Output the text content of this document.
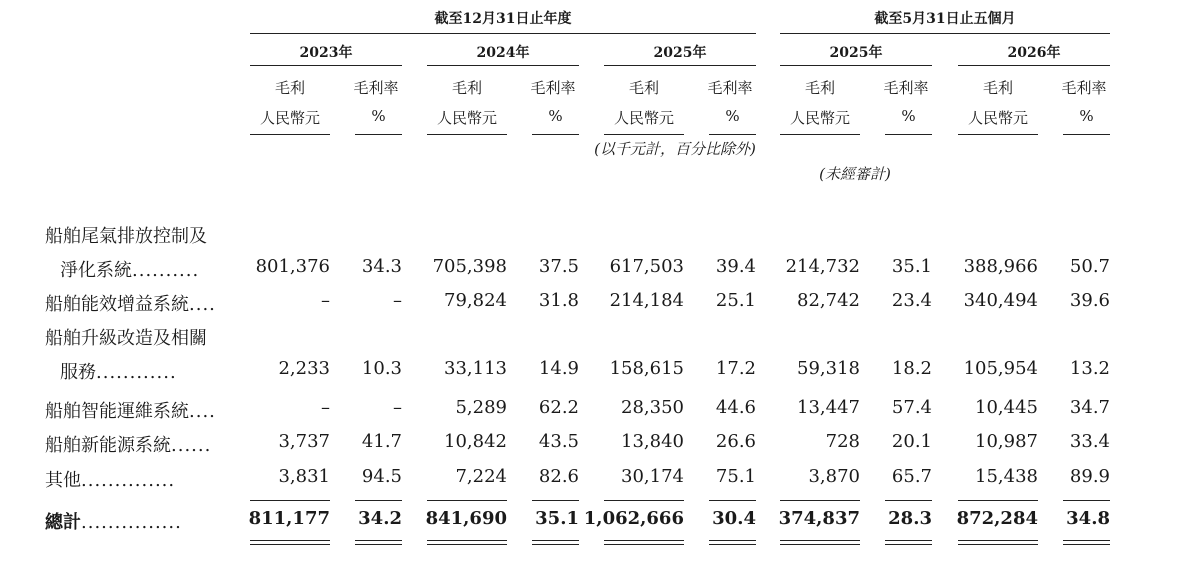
截至12月31日止年度	截至5月31日止五個月
2023年	2024年	2025年	2025年	2026年
毛利	毛利率	毛利	毛利率	毛利	毛利率	毛利	毛利率	毛利	毛利率
人民幣元	%	人民幣元	%	人民幣元	%	人民幣元	%	人民幣元	%
(以千元計，百分比除外)
(未經審計)
船舶尾氣排放控制及
淨化系統..........	801,376	34.3	705,398	37.5	617,503	39.4	214,732	35.1	388,966	50.7
船舶能效增益系統....	–	–	79,824	31.8	214,184	25.1	82,742	23.4	340,494	39.6
船舶升級改造及相關
服務............	2,233	10.3	33,113	14.9	158,615	17.2	59,318	18.2	105,954	13.2
船舶智能運維系統....	–	–	5,289	62.2	28,350	44.6	13,447	57.4	10,445	34.7
船舶新能源系統......	3,737	41.7	10,842	43.5	13,840	26.6	728	20.1	10,987	33.4
其他..............	3,831	94.5	7,224	82.6	30,174	75.1	3,870	65.7	15,438	89.9
總計...............	811,177	34.2	841,690	35.1 1,062,666	30.4	374,837	28.3	872,284	34.8
